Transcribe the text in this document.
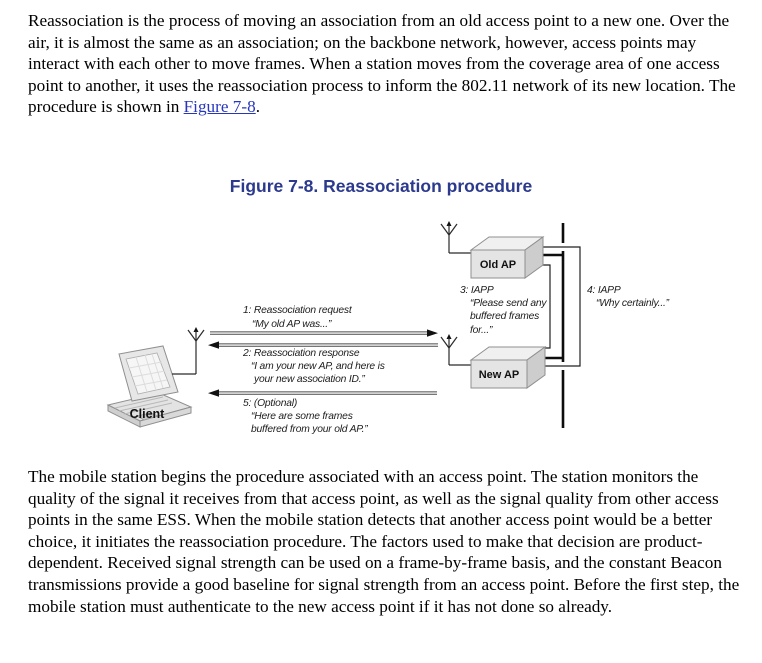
Reassociation is the process of moving an association from an old access point to a new one. Over the air, it is almost the same as an association; on the backbone network, however, access points may interact with each other to move frames. When a station moves from the coverage area of one access point to another, it uses the reassociation process to inform the 802.11 network of its new location. The procedure is shown in Figure 7-8.

Figure 7-8. Reassociation procedure
Old AP
New AP
1: Reassociation request
“My old AP was...”
2: Reassociation response
“I am your new AP, and here is
your new association ID.”
5: (Optional)
“Here are some frames
buffered from your old AP.”
3: IAPP
“Please send any
buffered frames
for...”
4: IAPP
“Why certainly...”
Client

The mobile station begins the procedure associated with an access point. The station monitors the quality of the signal it receives from that access point, as well as the signal quality from other access points in the same ESS. When the mobile station detects that another access point would be a better choice, it initiates the reassociation procedure. The factors used to make that decision are product-dependent. Received signal strength can be used on a frame-by-frame basis, and the constant Beacon transmissions provide a good baseline for signal strength from an access point. Before the first step, the mobile station must authenticate to the new access point if it has not done so already.
